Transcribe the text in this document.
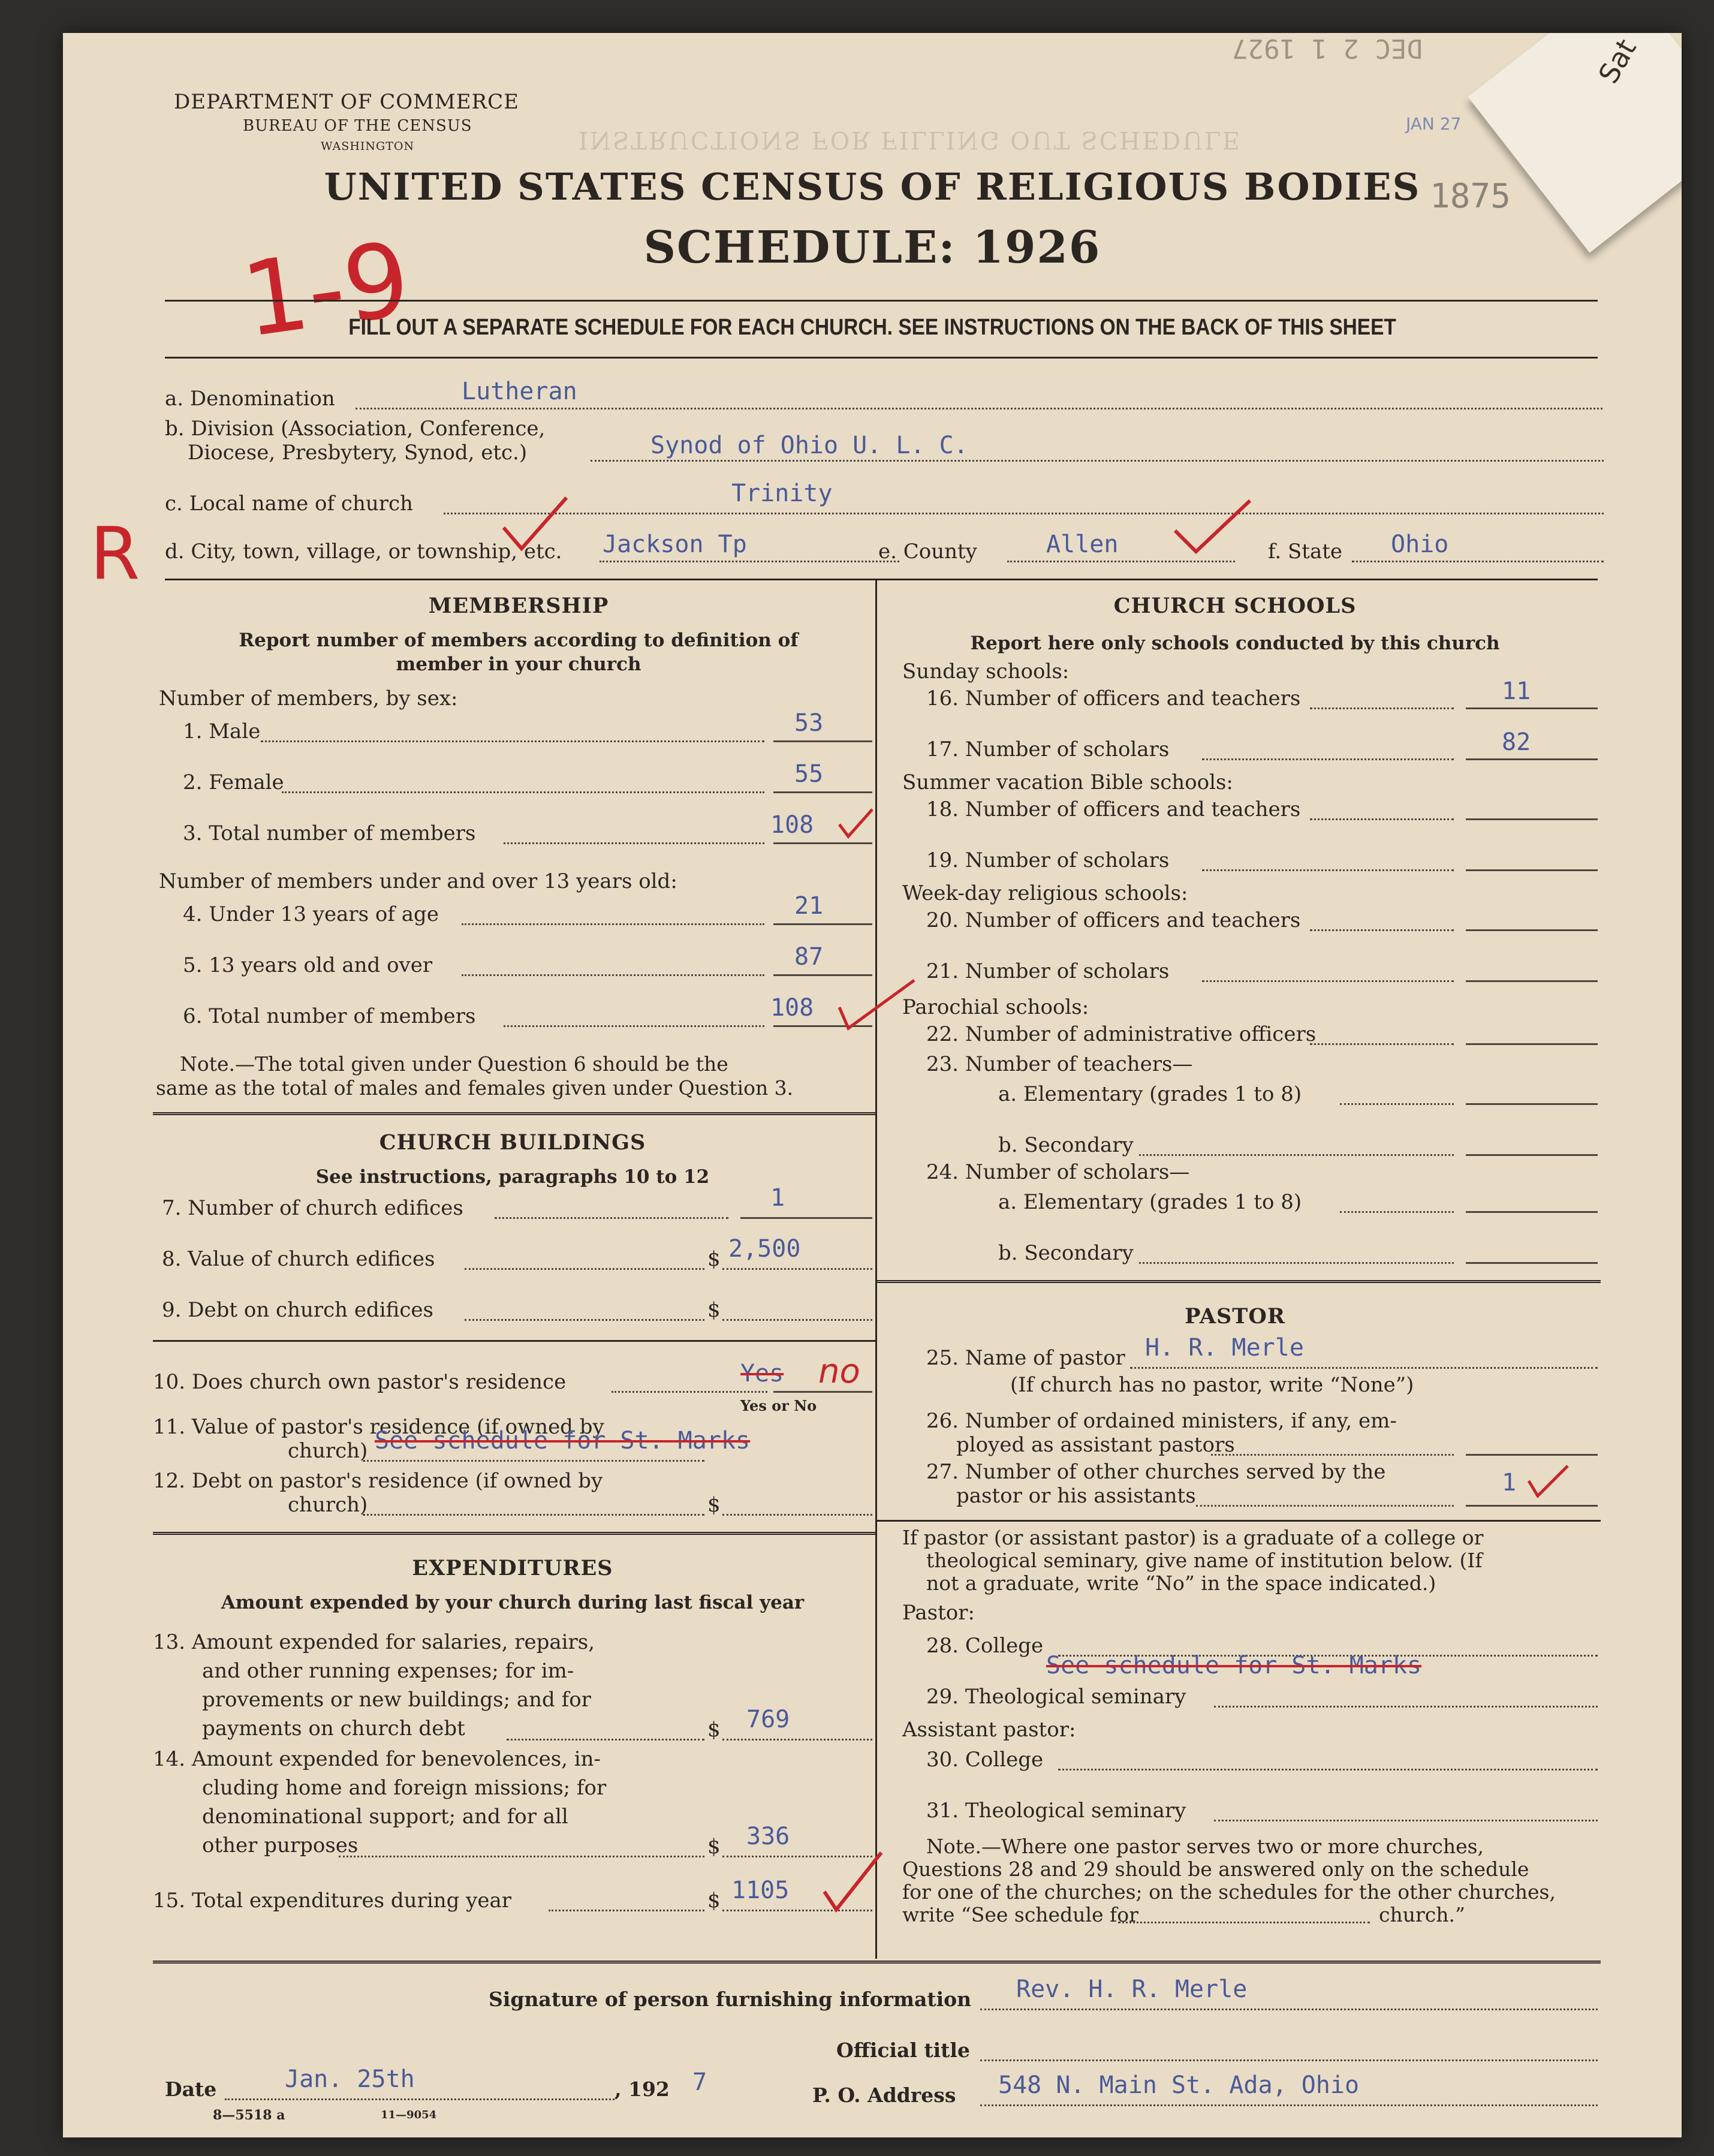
INSTRUCTIONS FOR FILLING OUT SCHEDULE
Sat
DEC 2 1 1927
JAN 27
1875
DEPARTMENT OF COMMERCE
BUREAU OF THE CENSUS
WASHINGTON
UNITED STATES CENSUS OF RELIGIOUS BODIES
SCHEDULE: 1926
1-9
FILL OUT A SEPARATE SCHEDULE FOR EACH CHURCH. SEE INSTRUCTIONS ON THE BACK OF THIS SHEET
a. Denomination	Lutheran
b. Division (Association, Conference,
Diocese, Presbytery, Synod, etc.)	Synod of Ohio U. L. C.
c. Local name of church	Trinity
d. City, town, village, or township, etc. Jackson Tp	e. County	Allen	f. State Ohio
R
MEMBERSHIP
Report number of members according to definition of
member in your church
Number of members, by sex:
1. Male	53
2. Female	55
3. Total number of members	108
Number of members under and over 13 years old:
4. Under 13 years of age	21
5. 13 years old and over	87
6. Total number of members	108
Note.—The total given under Question 6 should be the
same as the total of males and females given under Question 3.
CHURCH BUILDINGS
See instructions, paragraphs 10 to 12
7. Number of church edifices	1
8. Value of church edifices	$ 2,500
9. Debt on church edifices	$
10. Does church own pastor's residence	Yes no
Yes or No
11. Value of pastor's residence (if owned by
church) See schedule for St. Marks
12. Debt on pastor's residence (if owned by
church)	$
EXPENDITURES
Amount expended by your church during last fiscal year
13. Amount expended for salaries, repairs,
and other running expenses; for im-
provements or new buildings; and for
payments on church debt	$ 769
14. Amount expended for benevolences, in-
cluding home and foreign missions; for
denominational support; and for all
other purposes	$ 336
15. Total expenditures during year	$ 1105
CHURCH SCHOOLS
Report here only schools conducted by this church
Sunday schools:
16. Number of officers and teachers	11
17. Number of scholars	82
Summer vacation Bible schools:
18. Number of officers and teachers
19. Number of scholars
Week-day religious schools:
20. Number of officers and teachers
21. Number of scholars
Parochial schools:
22. Number of administrative officers
23. Number of teachers—
a. Elementary (grades 1 to 8)
b. Secondary
24. Number of scholars—
a. Elementary (grades 1 to 8)
b. Secondary
PASTOR
25. Name of pastor H. R. Merle
(If church has no pastor, write “None”)
26. Number of ordained ministers, if any, em-
ployed as assistant pastors
27. Number of other churches served by the
pastor or his assistants	1
If pastor (or assistant pastor) is a graduate of a college or
theological seminary, give name of institution below. (If
not a graduate, write “No” in the space indicated.)
Pastor:
28. College
See schedule for St. Marks
29. Theological seminary
Assistant pastor:
30. College
31. Theological seminary
Note.—Where one pastor serves two or more churches,
Questions 28 and 29 should be answered only on the schedule
for one of the churches; on the schedules for the other churches,
write “See schedule for	church.”
Signature of person furnishing information Rev. H. R. Merle
Official title
Date	Jan. 25th	, 192 7	P. O. Address 548 N. Main St. Ada, Ohio
8—5518 a	11—9054
